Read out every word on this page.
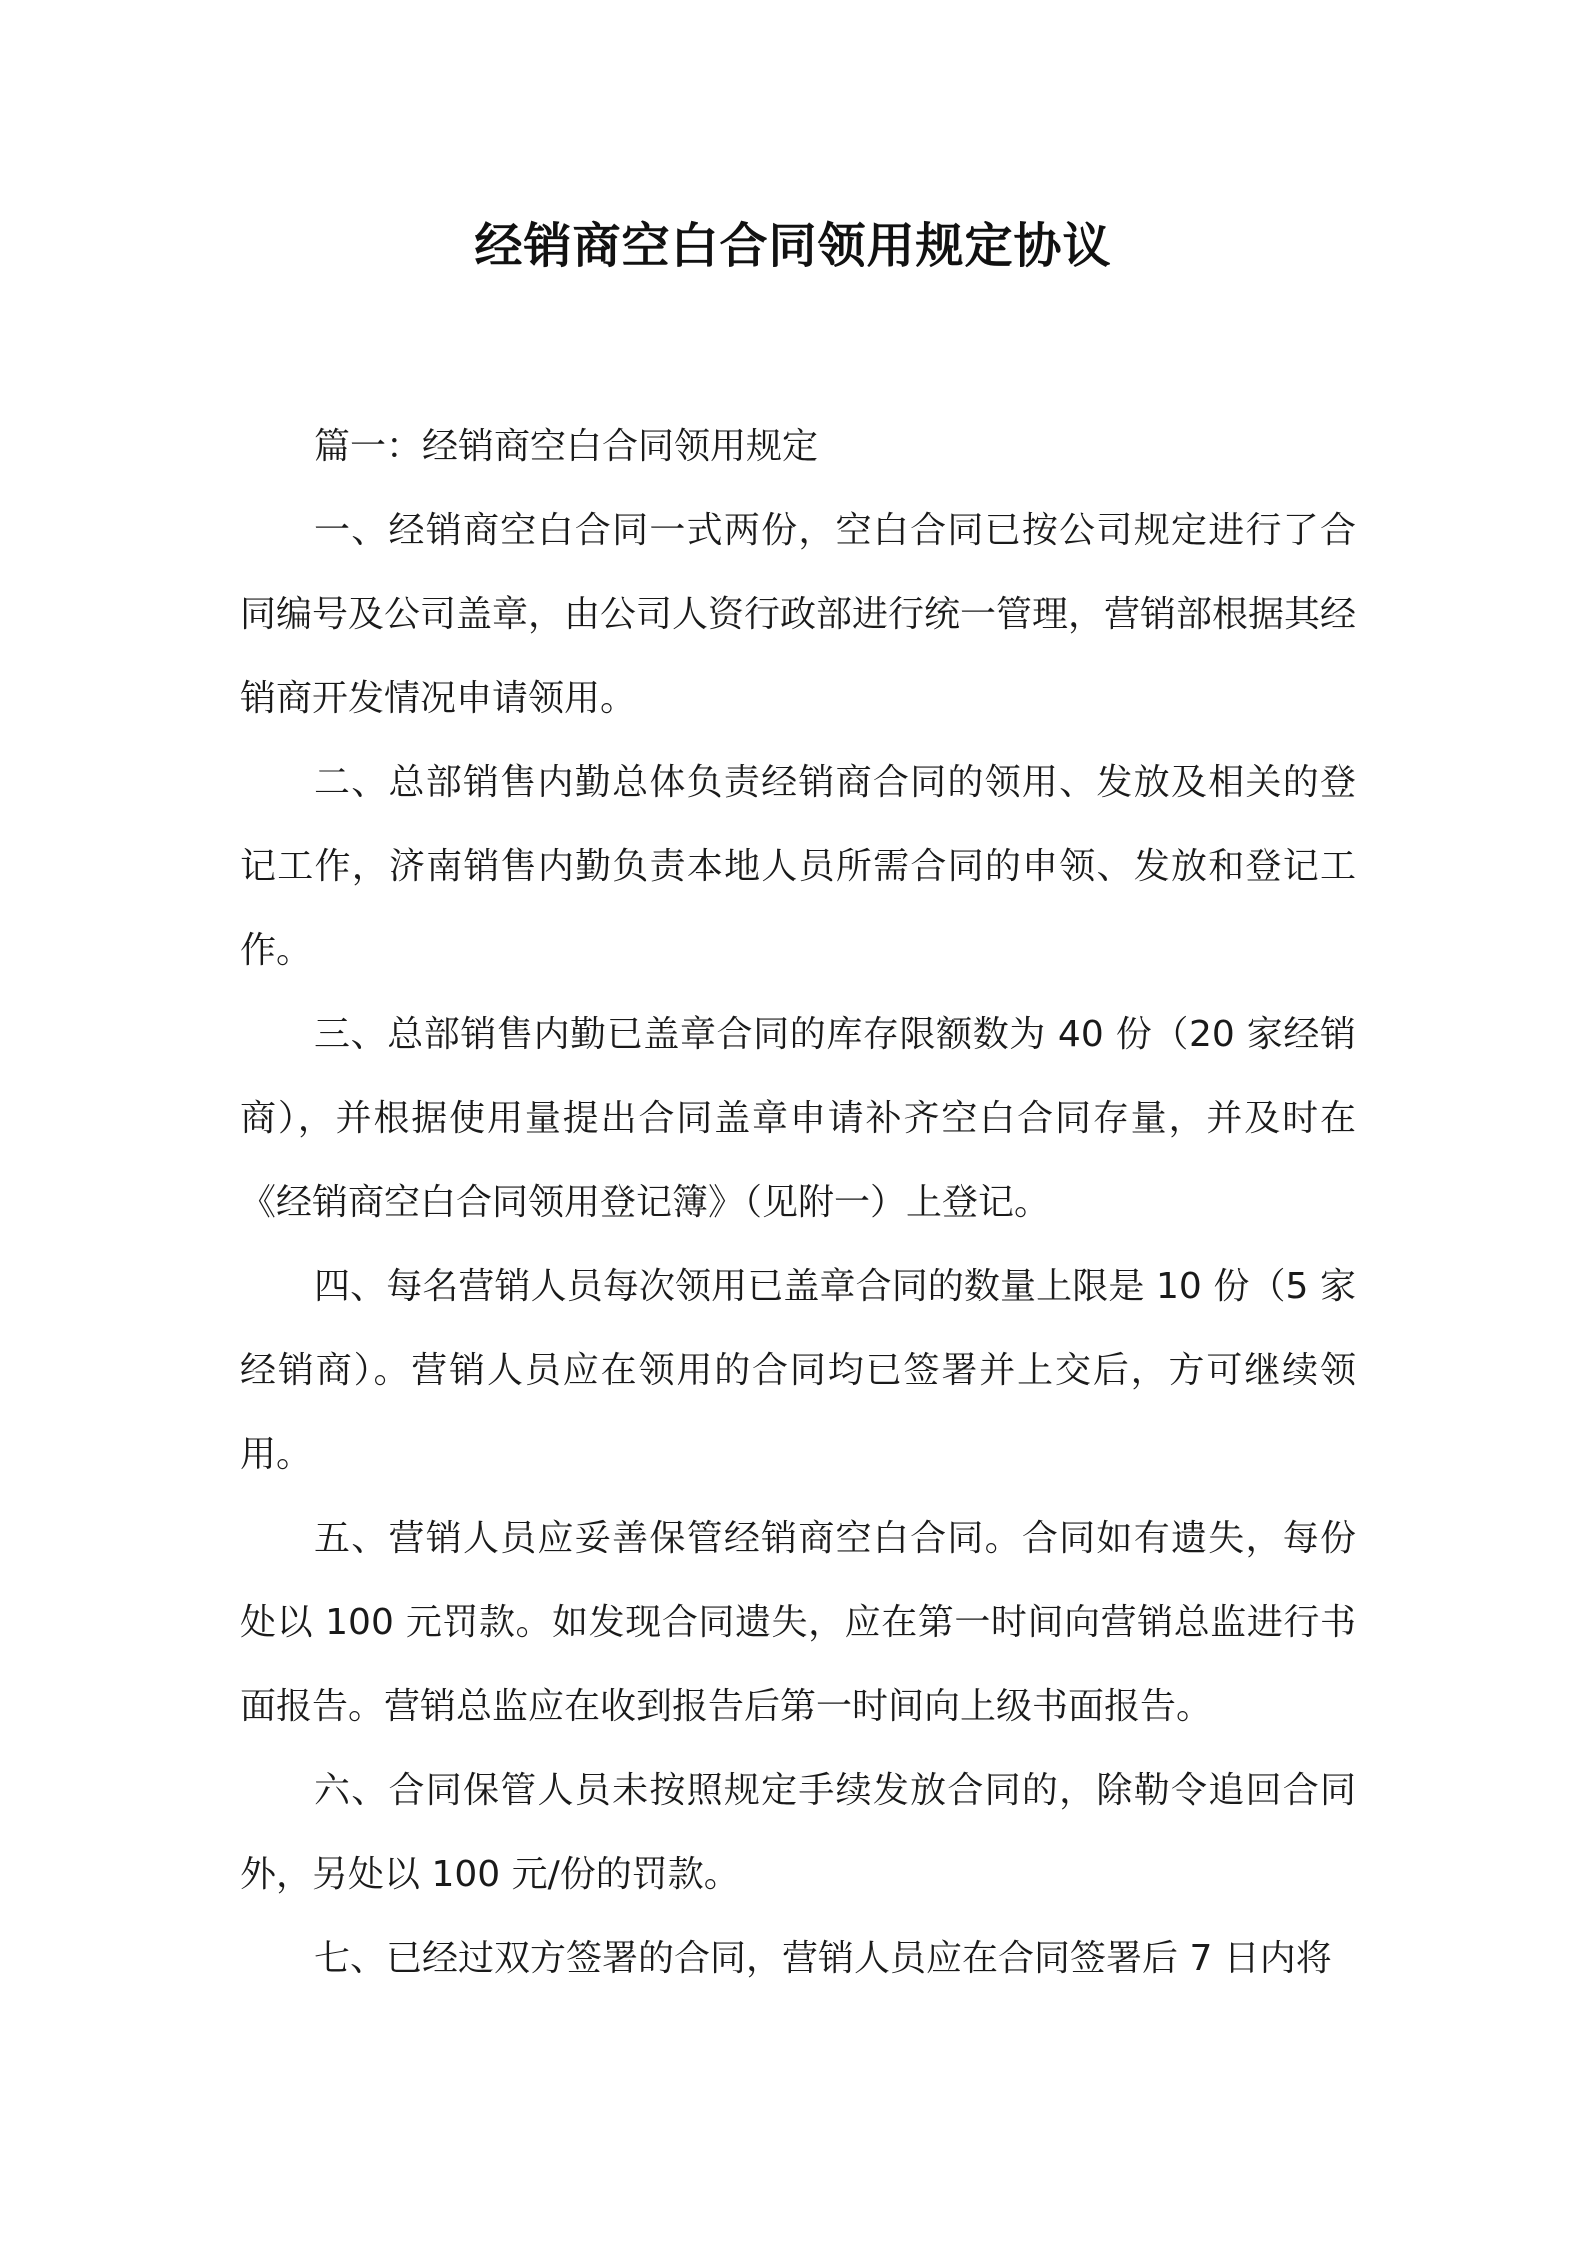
经销商空白合同领用规定协议

篇一：经销商空白合同领用规定

一、经销商空白合同一式两份，空白合同已按公司规定进行了合同编号及公司盖章，由公司人资行政部进行统一管理，营销部根据其经销商开发情况申请领用。

二、总部销售内勤总体负责经销商合同的领用、发放及相关的登记工作，济南销售内勤负责本地人员所需合同的申领、发放和登记工作。

三、总部销售内勤已盖章合同的库存限额数为 40 份（20 家经销商），并根据使用量提出合同盖章申请补齐空白合同存量，并及时在《经销商空白合同领用登记簿》（见附一）上登记。

四、每名营销人员每次领用已盖章合同的数量上限是 10 份（5 家经销商）。营销人员应在领用的合同均已签署并上交后，方可继续领用。

五、营销人员应妥善保管经销商空白合同。合同如有遗失，每份处以 100 元罚款。如发现合同遗失，应在第一时间向营销总监进行书面报告。营销总监应在收到报告后第一时间向上级书面报告。

六、合同保管人员未按照规定手续发放合同的，除勒令追回合同外，另处以 100 元/份的罚款。

七、已经过双方签署的合同，营销人员应在合同签署后 7 日内将
